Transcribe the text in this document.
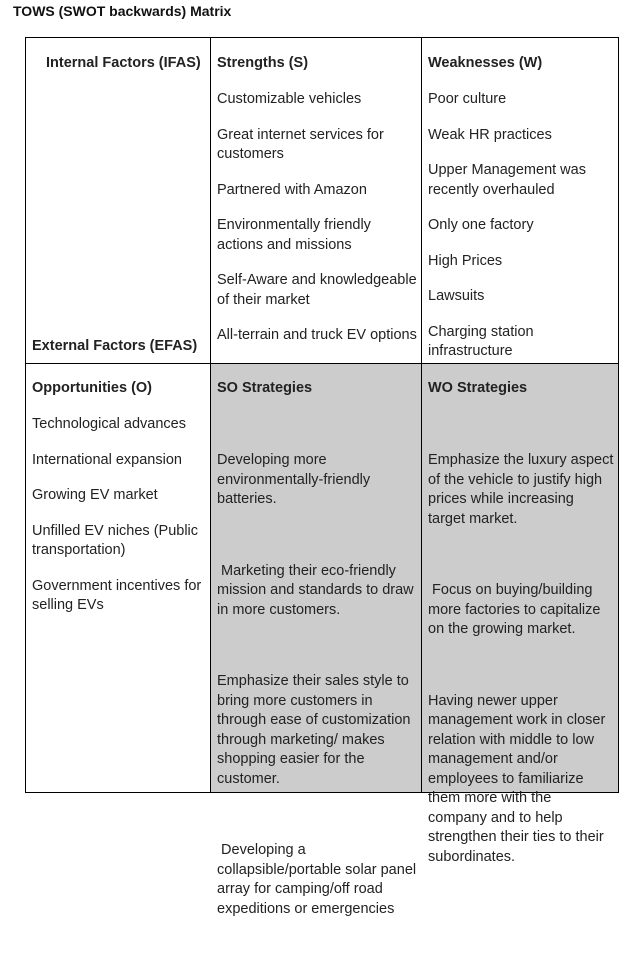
TOWS (SWOT backwards) Matrix
Internal Factors (IFAS)
External Factors (EFAS)
Strengths (S)
Customizable vehicles
Great internet services for customers
Partnered with Amazon
Environmentally friendly actions and missions
Self-Aware and knowledgeable of their market
All-terrain and truck EV options
Weaknesses (W)
Poor culture
Weak HR practices
Upper Management was recently overhauled
Only one factory
High Prices
Lawsuits
Charging station infrastructure
Opportunities (O)
Technological advances
International expansion
Growing EV market
Unfilled EV niches (Public transportation)
Government incentives for selling EVs
SO Strategies

Developing more environmentally-friendly batteries.

Marketing their eco-friendly mission and standards to draw in more customers.

Emphasize their sales style to bring more customers in through ease of customization through marketing/ makes shopping easier for the customer.

Developing a collapsible/portable solar panel array for camping/off road expeditions or emergencies

WO Strategies

Emphasize the luxury aspect of the vehicle to justify high prices while increasing target market.

Focus on buying/building more factories to capitalize on the growing market.

Having newer upper management work in closer relation with middle to low management and/or employees to familiarize them more with the company and to help strengthen their ties to their subordinates.
